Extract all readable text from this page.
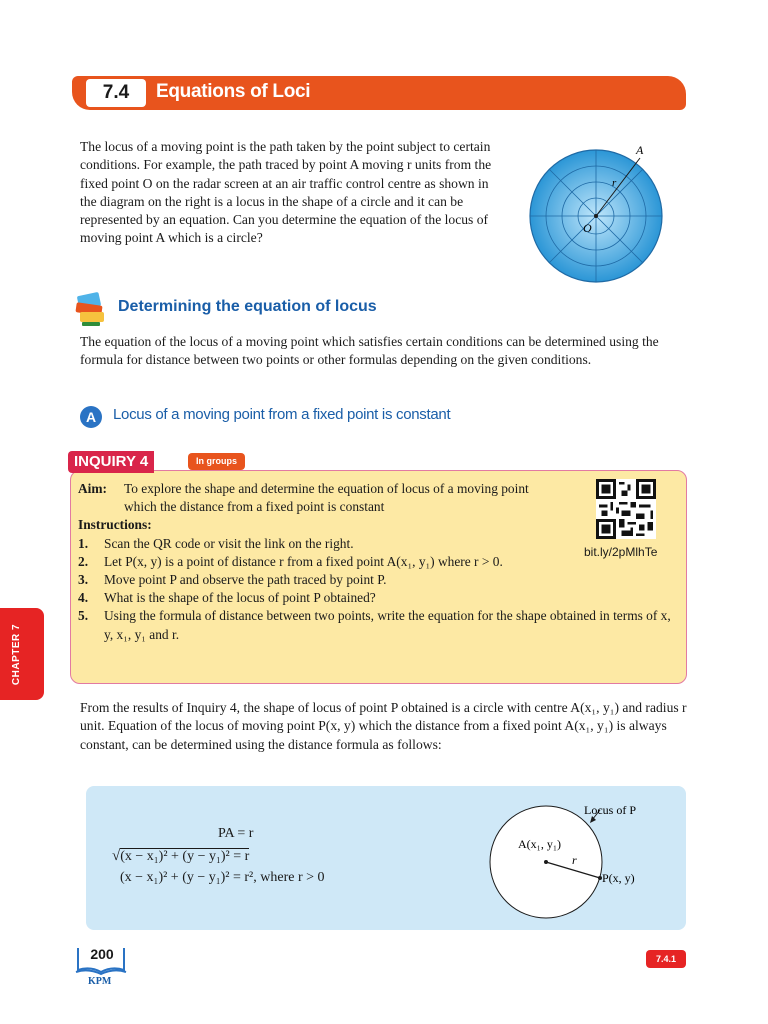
7.4	Equations of Loci
The locus of a moving point is the path taken by the point subject to certain conditions. For example, the path traced by point A moving r units from the fixed point O on the radar screen at an air traffic control centre as shown in the diagram on the right is a locus in the shape of a circle and it can be represented by an equation. Can you determine the equation of the locus of moving point A which is a circle?
A
r
O
Determining the equation of locus
The equation of the locus of a moving point which satisfies certain conditions can be determined using the formula for distance between two points or other formulas depending on the given conditions.
A	Locus of a moving point from a fixed point is constant
INQUIRY 4	In groups
Aim:	To explore the shape and determine the equation of locus of a moving point which the distance from a fixed point is constant
Instructions:
1.	Scan the QR code or visit the link on the right.
2.	Let P(x, y) is a point of distance r from a fixed point A(x₁, y₁) where r > 0.
3.	Move point P and observe the path traced by point P.
4.	What is the shape of the locus of point P obtained?
5.	Using the formula of distance between two points, write the equation for the shape obtained in terms of x, y, x₁, y₁ and r.
bit.ly/2pMlhTe
CHAPTER 7
From the results of Inquiry 4, the shape of locus of point P obtained is a circle with centre A(x₁, y₁) and radius r unit. Equation of the locus of moving point P(x, y) which the distance from a fixed point A(x₁, y₁) is always constant, can be determined using the distance formula as follows:
PA = r
√(x − x₁)² + (y − y₁)² = r
(x − x₁)² + (y − y₁)² = r², where r > 0
Locus of P
A(x₁, y₁)
r
P(x, y)
200
KPM
7.4.1
